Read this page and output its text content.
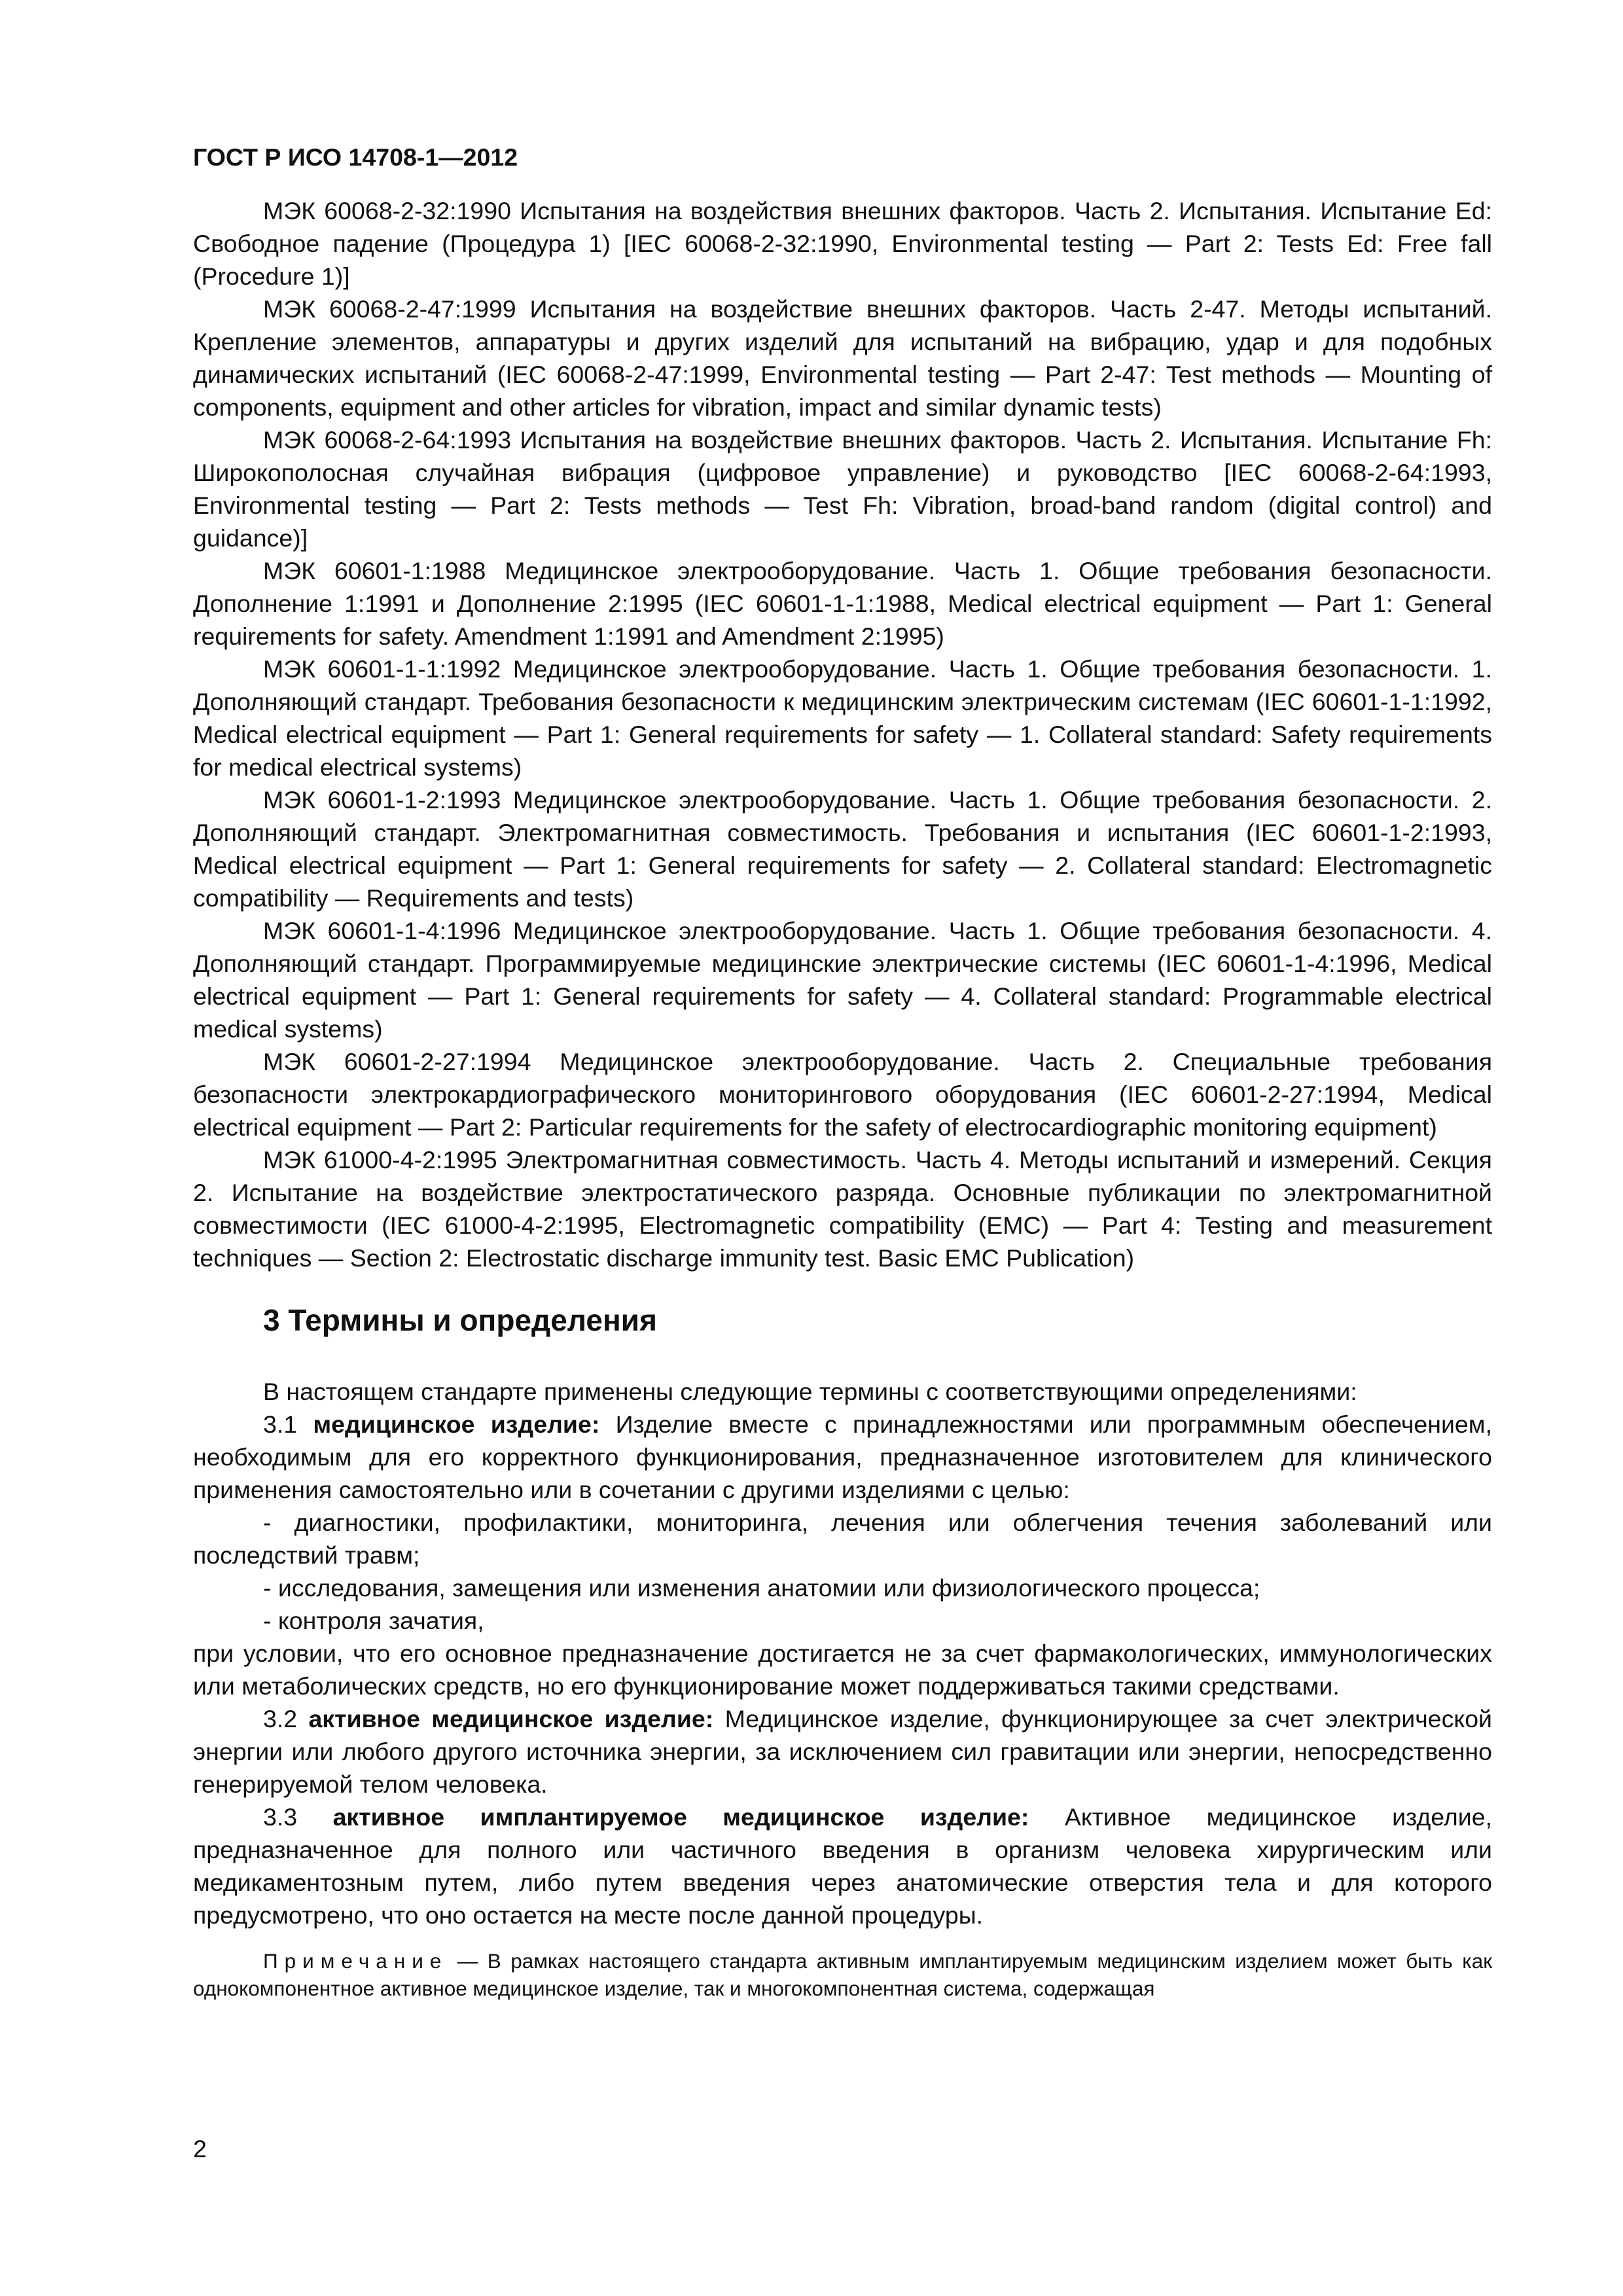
ГОСТ Р ИСО 14708-1—2012

МЭК 60068-2-32:1990 Испытания на воздействия внешних факторов. Часть 2. Испытания. Испытание Ed: Свободное падение (Процедура 1) [IEC 60068-2-32:1990, Environmental testing — Part 2: Tests Ed: Free fall (Procedure 1)]

МЭК 60068-2-47:1999 Испытания на воздействие внешних факторов. Часть 2-47. Методы испытаний. Крепление элементов, аппаратуры и других изделий для испытаний на вибрацию, удар и для подобных динамических испытаний (IEC 60068-2-47:1999, Environmental testing — Part 2-47: Test methods — Mounting of components, equipment and other articles for vibration, impact and similar dynamic tests)

МЭК 60068-2-64:1993 Испытания на воздействие внешних факторов. Часть 2. Испытания. Испытание Fh: Широкополосная случайная вибрация (цифровое управление) и руководство [IEC 60068-2-64:1993, Environmental testing — Part 2: Tests methods — Test Fh: Vibration, broad-band random (digital control) and guidance)]

МЭК 60601-1:1988 Медицинское электрооборудование. Часть 1. Общие требования безопасности. Дополнение 1:1991 и Дополнение 2:1995 (IEC 60601-1-1:1988, Medical electrical equipment — Part 1: General requirements for safety. Amendment 1:1991 and Amendment 2:1995)

МЭК 60601-1-1:1992 Медицинское электрооборудование. Часть 1. Общие требования безопасности. 1. Дополняющий стандарт. Требования безопасности к медицинским электрическим системам (IEC 60601-1-1:1992, Medical electrical equipment — Part 1: General requirements for safety — 1. Collateral standard: Safety requirements for medical electrical systems)

МЭК 60601-1-2:1993 Медицинское электрооборудование. Часть 1. Общие требования безопасности. 2. Дополняющий стандарт. Электромагнитная совместимость. Требования и испытания (IEC 60601-1-2:1993, Medical electrical equipment — Part 1: General requirements for safety — 2. Collateral standard: Electromagnetic compatibility — Requirements and tests)

МЭК 60601-1-4:1996 Медицинское электрооборудование. Часть 1. Общие требования безопасности. 4. Дополняющий стандарт. Программируемые медицинские электрические системы (IEC 60601-1-4:1996, Medical electrical equipment — Part 1: General requirements for safety — 4. Collateral standard: Programmable electrical medical systems)

МЭК 60601-2-27:1994 Медицинское электрооборудование. Часть 2. Специальные требования безопасности электрокардиографического мониторингового оборудования (IEC 60601-2-27:1994, Medical electrical equipment — Part 2: Particular requirements for the safety of electrocardiographic monitoring equipment)

МЭК 61000-4-2:1995 Электромагнитная совместимость. Часть 4. Методы испытаний и измерений. Секция 2. Испытание на воздействие электростатического разряда. Основные публикации по электромагнитной совместимости (IEC 61000-4-2:1995, Electromagnetic compatibility (EMC) — Part 4: Testing and measurement techniques — Section 2: Electrostatic discharge immunity test. Basic EMC Publication)

3 Термины и определения

В настоящем стандарте применены следующие термины с соответствующими определениями:

3.1 медицинское изделие: Изделие вместе с принадлежностями или программным обеспечением, необходимым для его корректного функционирования, предназначенное изготовителем для клинического применения самостоятельно или в сочетании с другими изделиями с целью:

- диагностики, профилактики, мониторинга, лечения или облегчения течения заболеваний или последствий травм;

- исследования, замещения или изменения анатомии или физиологического процесса;

- контроля зачатия,

при условии, что его основное предназначение достигается не за счет фармакологических, иммунологических или метаболических средств, но его функционирование может поддерживаться такими средствами.

3.2 активное медицинское изделие: Медицинское изделие, функционирующее за счет электрической энергии или любого другого источника энергии, за исключением сил гравитации или энергии, непосредственно генерируемой телом человека.

3.3 активное имплантируемое медицинское изделие: Активное медицинское изделие, предназначенное для полного или частичного введения в организм человека хирургическим или медикаментозным путем, либо путем введения через анатомические отверстия тела и для которого предусмотрено, что оно остается на месте после данной процедуры.

Примечание — В рамках настоящего стандарта активным имплантируемым медицинским изделием может быть как однокомпонентное активное медицинское изделие, так и многокомпонентная система, содержащая
2
